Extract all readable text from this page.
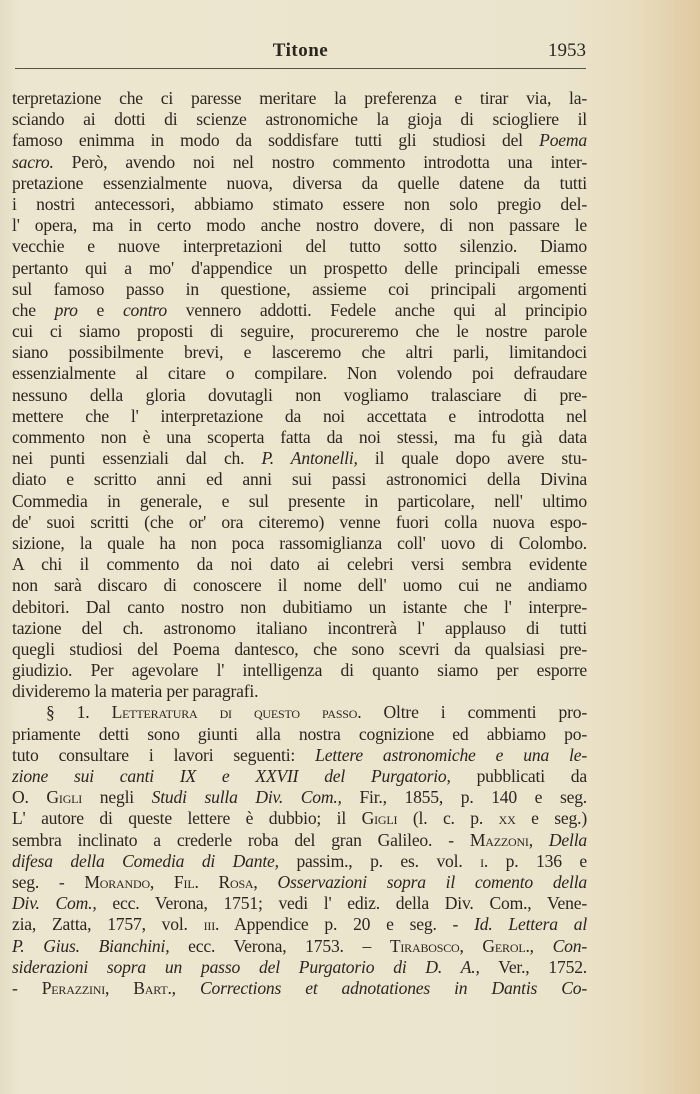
Titone	1953
terpretazione che ci paresse meritare la preferenza e tirar via, la-
sciando ai dotti di scienze astronomiche la gioja di sciogliere il
famoso enimma in modo da soddisfare tutti gli studiosi del Poema
sacro. Però, avendo noi nel nostro commento introdotta una inter-
pretazione essenzialmente nuova, diversa da quelle datene da tutti
i nostri antecessori, abbiamo stimato essere non solo pregio del-
l' opera, ma in certo modo anche nostro dovere, di non passare le
vecchie e nuove interpretazioni del tutto sotto silenzio. Diamo
pertanto qui a mo' d'appendice un prospetto delle principali emesse
sul famoso passo in questione, assieme coi principali argomenti
che pro e contro vennero addotti. Fedele anche qui al principio
cui ci siamo proposti di seguire, procureremo che le nostre parole
siano possibilmente brevi, e lasceremo che altri parli, limitandoci
essenzialmente al citare o compilare. Non volendo poi defraudare
nessuno della gloria dovutagli non vogliamo tralasciare di pre-
mettere che l' interpretazione da noi accettata e introdotta nel
commento non è una scoperta fatta da noi stessi, ma fu già data
nei punti essenziali dal ch. P. Antonelli, il quale dopo avere stu-
diato e scritto anni ed anni sui passi astronomici della Divina
Commedia in generale, e sul presente in particolare, nell' ultimo
de' suoi scritti (che or' ora citeremo) venne fuori colla nuova espo-
sizione, la quale ha non poca rassomiglianza coll' uovo di Colombo.
A chi il commento da noi dato ai celebri versi sembra evidente
non sarà discaro di conoscere il nome dell' uomo cui ne andiamo
debitori. Dal canto nostro non dubitiamo un istante che l' interpre-
tazione del ch. astronomo italiano incontrerà l' applauso di tutti
quegli studiosi del Poema dantesco, che sono scevri da qualsiasi pre-
giudizio. Per agevolare l' intelligenza di quanto siamo per esporre
divideremo la materia per paragrafi.
§ 1. Letteratura di questo passo. Oltre i commenti pro-
priamente detti sono giunti alla nostra cognizione ed abbiamo po-
tuto consultare i lavori seguenti: Lettere astronomiche e una le-
zione sui canti IX e XXVII del Purgatorio, pubblicati da
O. Gigli negli Studi sulla Div. Com., Fir., 1855, p. 140 e seg.
L' autore di queste lettere è dubbio; il Gigli (l. c. p. xx e seg.)
sembra inclinato a crederle roba del gran Galileo. - Mazzoni, Della
difesa della Comedia di Dante, passim., p. es. vol. i. p. 136 e
seg. - Morando, Fil. Rosa, Osservazioni sopra il comento della
Div. Com., ecc. Verona, 1751; vedi l' ediz. della Div. Com., Vene-
zia, Zatta, 1757, vol. iii. Appendice p. 20 e seg. - Id. Lettera al
P. Gius. Bianchini, ecc. Verona, 1753. – Tirabosco, Gerol., Con-
siderazioni sopra un passo del Purgatorio di D. A., Ver., 1752.
- Perazzini, Bart., Corrections et adnotationes in Dantis Co-
